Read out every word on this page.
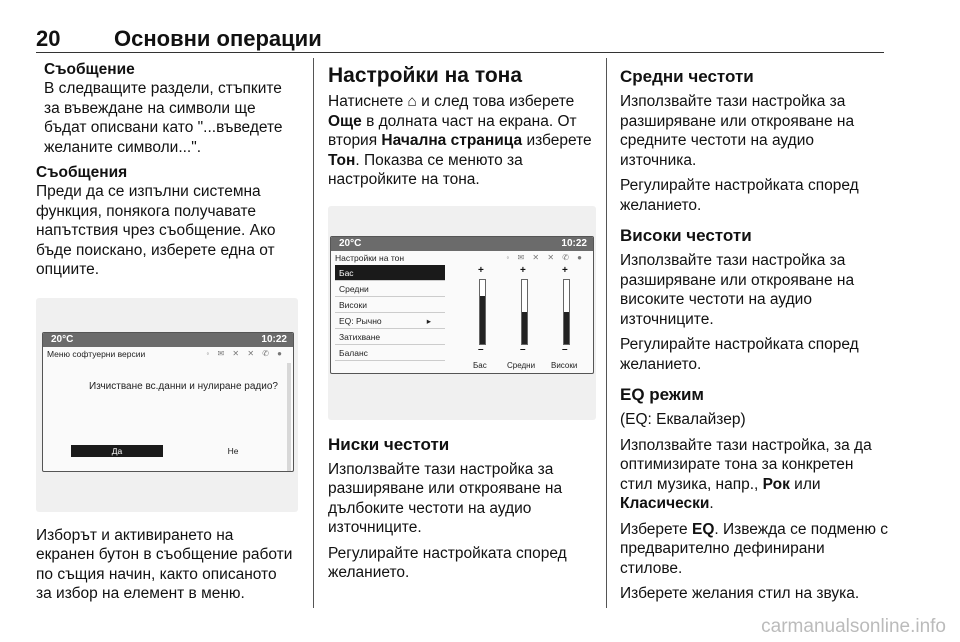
20 Основни операции

Съобщение

В следващите раздели, стъпките за въвеждане на символи ще бъдат описвани като "...въведете желаните символи...".

Съобщения

Преди да се изпълни системна функция, понякога получавате напътствия чрез съобщение. Ако бъде поискано, изберете една от опциите.

20°C	10:22
Меню софтуерни версии	◦ ✉ ✕ ✕ ✆ ●
Изчистване вс.данни и нулиране радио?
Да	Не

Изборът и активирането на екранен бутон в съобщение работи по същия начин, както описаното за избор на елемент в меню.

Настройки на тона

Натиснете ⌂ и след това изберете Още в долната част на екрана. От втория Начална страница изберете Тон. Показва се менюто за настройките на тона.

20°C	10:22
Настройки на тон	◦ ✉ ✕ ✕ ✆ ●
Бас
Средни
Високи
EQ: Рычно	▸
Затихване
Баланс
+
–
+
–
+
–
Бас	Средни Високи

Ниски честоти

Използвайте тази настройка за разширяване или открояване на дълбоките честоти на аудио източниците.

Регулирайте настройката според желанието.

Средни честоти

Използвайте тази настройка за разширяване или открояване на средните честоти на аудио източника.

Регулирайте настройката според желанието.

Високи честоти

Използвайте тази настройка за разширяване или открояване на високите честоти на аудио източниците.

Регулирайте настройката според желанието.

EQ режим

(EQ: Еквалайзер)

Използвайте тази настройка, за да оптимизирате тона за конкретен стил музика, напр., Рок или Класически.

Изберете EQ. Извежда се подменю с предварително дефинирани стилове.

Изберете желания стил на звука.

carmanualsonline.info
